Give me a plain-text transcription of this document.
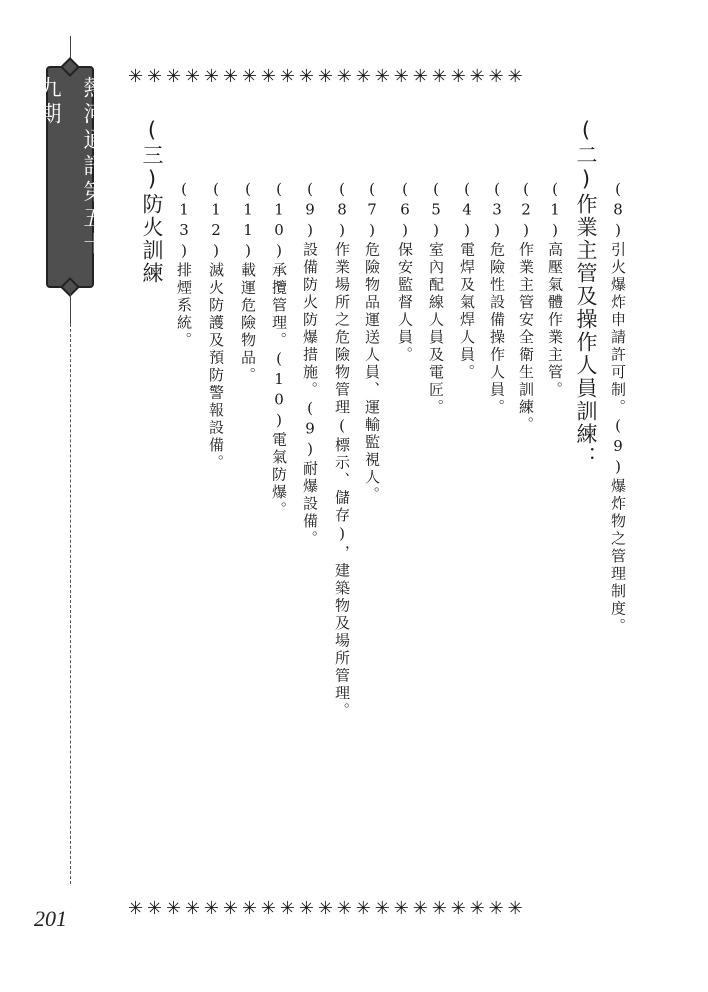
熱河通訊第五十九期
201
✳✳✳✳✳✳✳✳✳✳✳✳✳✳✳✳✳✳✳✳✳
✳✳✳✳✳✳✳✳✳✳✳✳✳✳✳✳✳✳✳✳✳
(8)引火爆炸申請許可制。(9)爆炸物之管理制度。
(二)作業主管及操作人員訓練：
(1)高壓氣體作業主管。
(2)作業主管安全衛生訓練。
(3)危險性設備操作人員。
(4)電焊及氣焊人員。
(5)室內配線人員及電匠。
(6)保安監督人員。
(7)危險物品運送人員、運輸監視人。
(8)作業場所之危險物管理(標示、儲存)，建築物及場所管理。
(9)設備防火防爆措施。(9)耐爆設備。
(10)承攬管理。(10)電氣防爆。
(11)載運危險物品。
(12)滅火防護及預防警報設備。
(13)排煙系統。
(三)防火訓練
